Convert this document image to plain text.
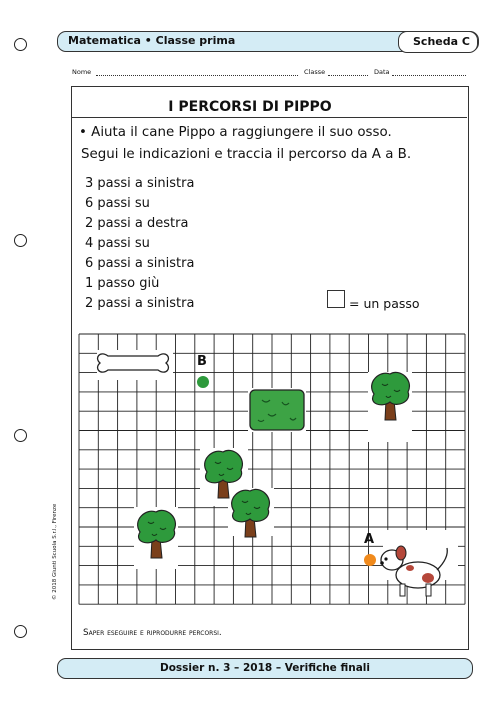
Matematica • Classe prima	Scheda C
Nome	Classe	Data
I PERCORSI DI PIPPO
• Aiuta il cane Pippo a raggiungere il suo osso.
Segui le indicazioni e traccia il percorso da A a B.
3 passi a sinistra
6 passi su
2 passi a destra
4 passi su
6 passi a sinistra
1 passo giù
2 passi a sinistra	= un passo
B
A
Saper eseguire e riprodurre percorsi.
© 2018 Giunti Scuola S.r.l., Firenze
Dossier n. 3 – 2018 – Verifiche finali
